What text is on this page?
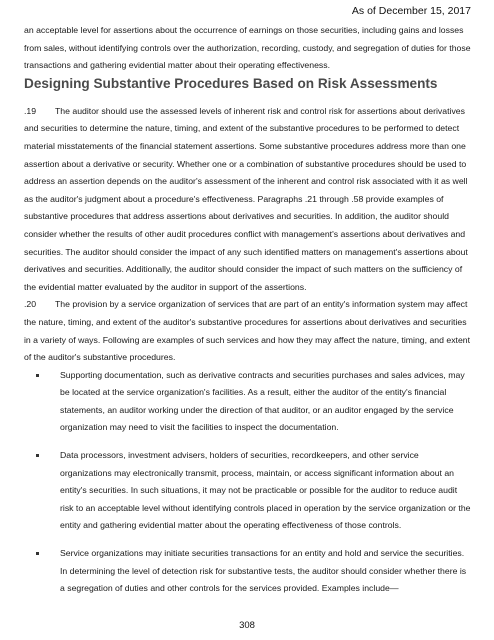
As of December 15, 2017

an acceptable level for assertions about the occurrence of earnings on those securities, including gains and losses from sales, without identifying controls over the authorization, recording, custody, and segregation of duties for those transactions and gathering evidential matter about their operating effectiveness.

Designing Substantive Procedures Based on Risk Assessments

.19 The auditor should use the assessed levels of inherent risk and control risk for assertions about derivatives and securities to determine the nature, timing, and extent of the substantive procedures to be performed to detect material misstatements of the financial statement assertions. Some substantive procedures address more than one assertion about a derivative or security. Whether one or a combination of substantive procedures should be used to address an assertion depends on the auditor's assessment of the inherent and control risk associated with it as well as the auditor's judgment about a procedure's effectiveness. Paragraphs .21 through .58 provide examples of substantive procedures that address assertions about derivatives and securities. In addition, the auditor should consider whether the results of other audit procedures conflict with management's assertions about derivatives and securities. The auditor should consider the impact of any such identified matters on management's assertions about derivatives and securities. Additionally, the auditor should consider the impact of such matters on the sufficiency of the evidential matter evaluated by the auditor in support of the assertions.

.20 The provision by a service organization of services that are part of an entity's information system may affect the nature, timing, and extent of the auditor's substantive procedures for assertions about derivatives and securities in a variety of ways. Following are examples of such services and how they may affect the nature, timing, and extent of the auditor's substantive procedures.

Supporting documentation, such as derivative contracts and securities purchases and sales advices, may be located at the service organization's facilities. As a result, either the auditor of the entity's financial statements, an auditor working under the direction of that auditor, or an auditor engaged by the service organization may need to visit the facilities to inspect the documentation.
Data processors, investment advisers, holders of securities, recordkeepers, and other service organizations may electronically transmit, process, maintain, or access significant information about an entity's securities. In such situations, it may not be practicable or possible for the auditor to reduce audit risk to an acceptable level without identifying controls placed in operation by the service organization or the entity and gathering evidential matter about the operating effectiveness of those controls.
Service organizations may initiate securities transactions for an entity and hold and service the securities. In determining the level of detection risk for substantive tests, the auditor should consider whether there is a segregation of duties and other controls for the services provided. Examples include—
308
